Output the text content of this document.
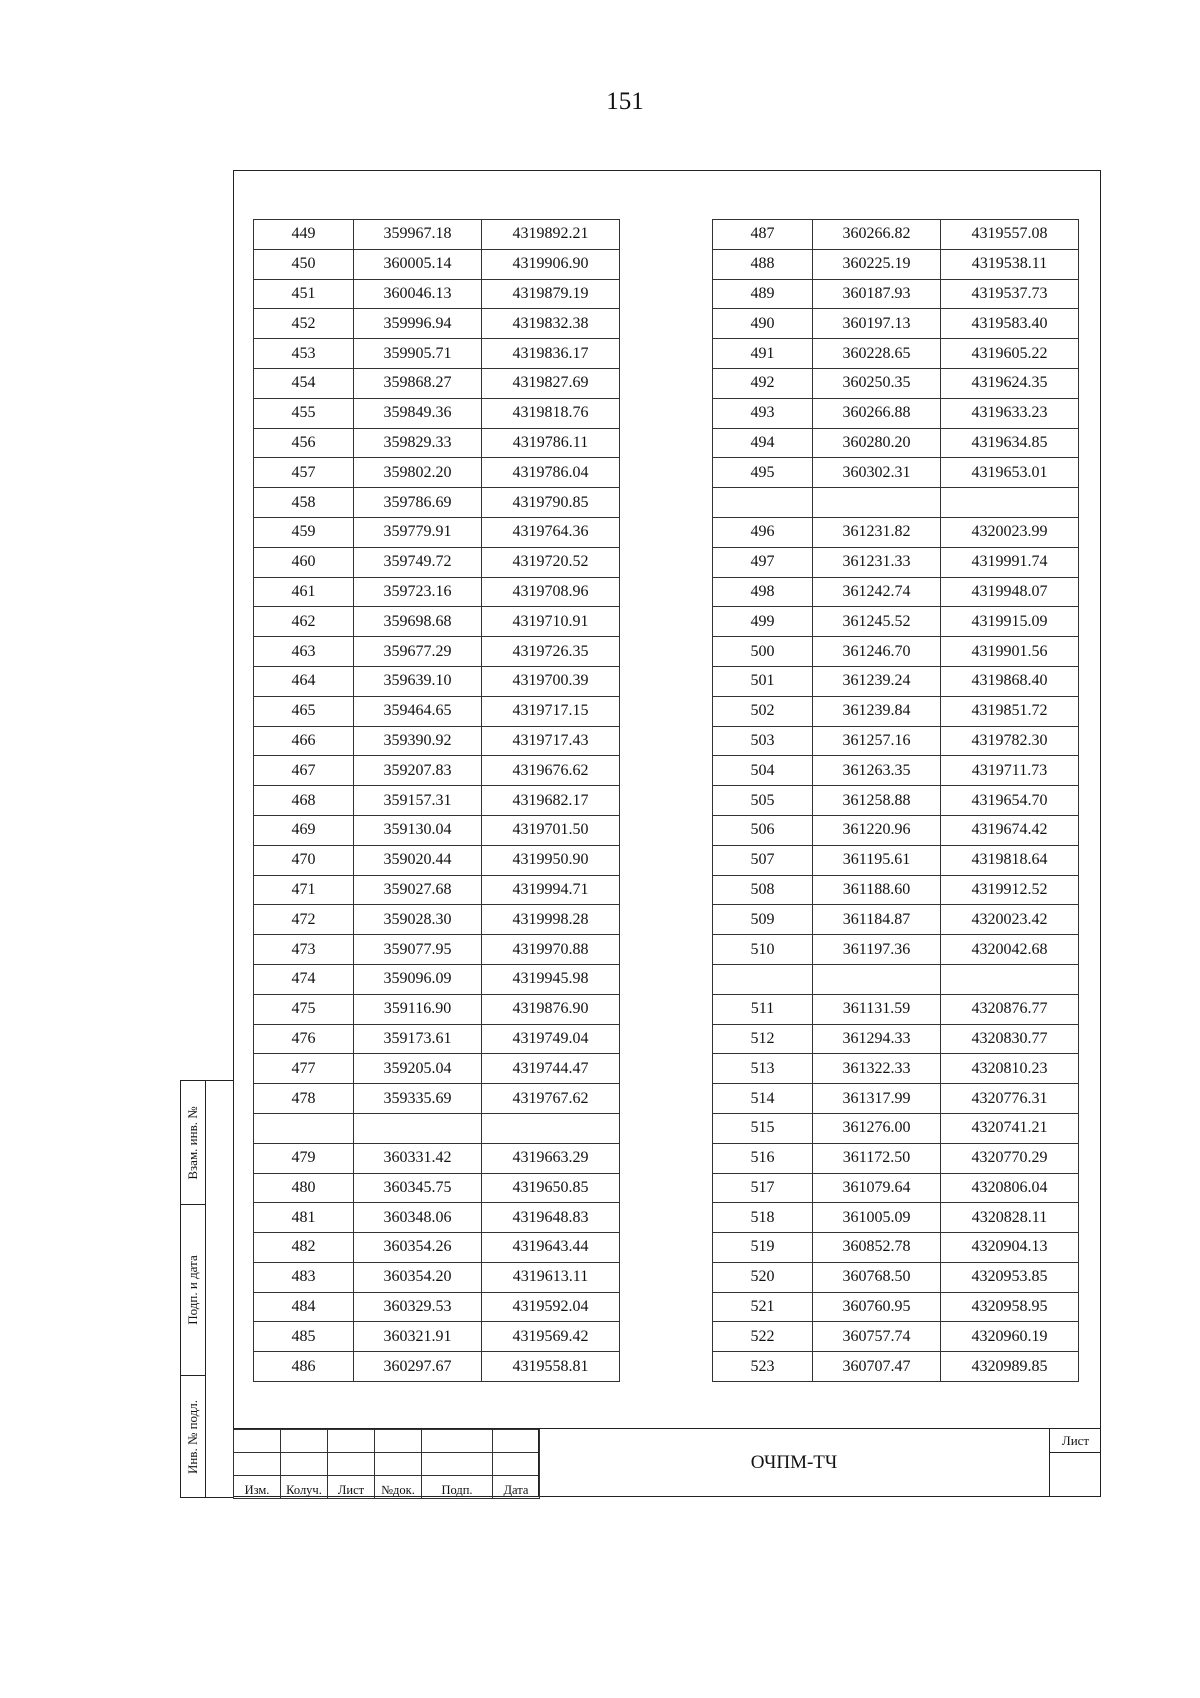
151
449	359967.18	4319892.21
450	360005.14	4319906.90
451	360046.13	4319879.19
452	359996.94	4319832.38
453	359905.71	4319836.17
454	359868.27	4319827.69
455	359849.36	4319818.76
456	359829.33	4319786.11
457	359802.20	4319786.04
458	359786.69	4319790.85
459	359779.91	4319764.36
460	359749.72	4319720.52
461	359723.16	4319708.96
462	359698.68	4319710.91
463	359677.29	4319726.35
464	359639.10	4319700.39
465	359464.65	4319717.15
466	359390.92	4319717.43
467	359207.83	4319676.62
468	359157.31	4319682.17
469	359130.04	4319701.50
470	359020.44	4319950.90
471	359027.68	4319994.71
472	359028.30	4319998.28
473	359077.95	4319970.88
474	359096.09	4319945.98
475	359116.90	4319876.90
476	359173.61	4319749.04
477	359205.04	4319744.47
478	359335.69	4319767.62

479	360331.42	4319663.29
480	360345.75	4319650.85
481	360348.06	4319648.83
482	360354.26	4319643.44
483	360354.20	4319613.11
484	360329.53	4319592.04
485	360321.91	4319569.42
486	360297.67	4319558.81
487	360266.82	4319557.08
488	360225.19	4319538.11
489	360187.93	4319537.73
490	360197.13	4319583.40
491	360228.65	4319605.22
492	360250.35	4319624.35
493	360266.88	4319633.23
494	360280.20	4319634.85
495	360302.31	4319653.01

496	361231.82	4320023.99
497	361231.33	4319991.74
498	361242.74	4319948.07
499	361245.52	4319915.09
500	361246.70	4319901.56
501	361239.24	4319868.40
502	361239.84	4319851.72
503	361257.16	4319782.30
504	361263.35	4319711.73
505	361258.88	4319654.70
506	361220.96	4319674.42
507	361195.61	4319818.64
508	361188.60	4319912.52
509	361184.87	4320023.42
510	361197.36	4320042.68

511	361131.59	4320876.77
512	361294.33	4320830.77
513	361322.33	4320810.23
514	361317.99	4320776.31
515	361276.00	4320741.21
516	361172.50	4320770.29
517	361079.64	4320806.04
518	361005.09	4320828.11
519	360852.78	4320904.13
520	360768.50	4320953.85
521	360760.95	4320958.95
522	360757.74	4320960.19
523	360707.47	4320989.85
Взам. инв. №
Подп. и дата
Инв. № подл.

Изм.	Колуч.	Лист	№док.	Подп.	Дата
ОЧПМ-ТЧ
Лист
